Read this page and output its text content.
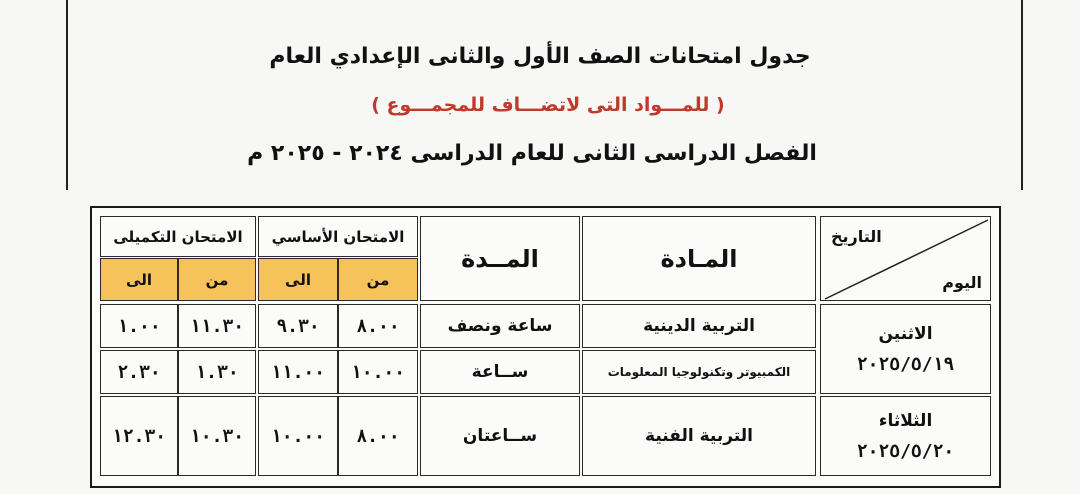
جدول امتحانات الصف الأول والثانى الإعدادي العام
( للمـــواد التى لاتضـــاف للمجمـــوع )
الفصل الدراسى الثانى للعام الدراسى ٢٠٢٤ - ٢٠٢٥ م
التاريخ
اليوم
المـادة
المــدة
الامتحان الأساسي
من
الى
الامتحان التكميلى
من
الى
الاثنين
٢٠٢٥/٥/١٩
الثلاثاء
٢٠٢٥/٥/٢٠
التربية الدينية
ساعة ونصف
٨.٠٠
٩.٣٠
١١.٣٠
١.٠٠
الكمبيوتر وتكنولوجيا المعلومات
ســاعة
١٠.٠٠
١١.٠٠
١.٣٠
٢.٣٠
التربية الفنية
ســاعتان
٨.٠٠
١٠.٠٠
١٠.٣٠
١٢.٣٠
